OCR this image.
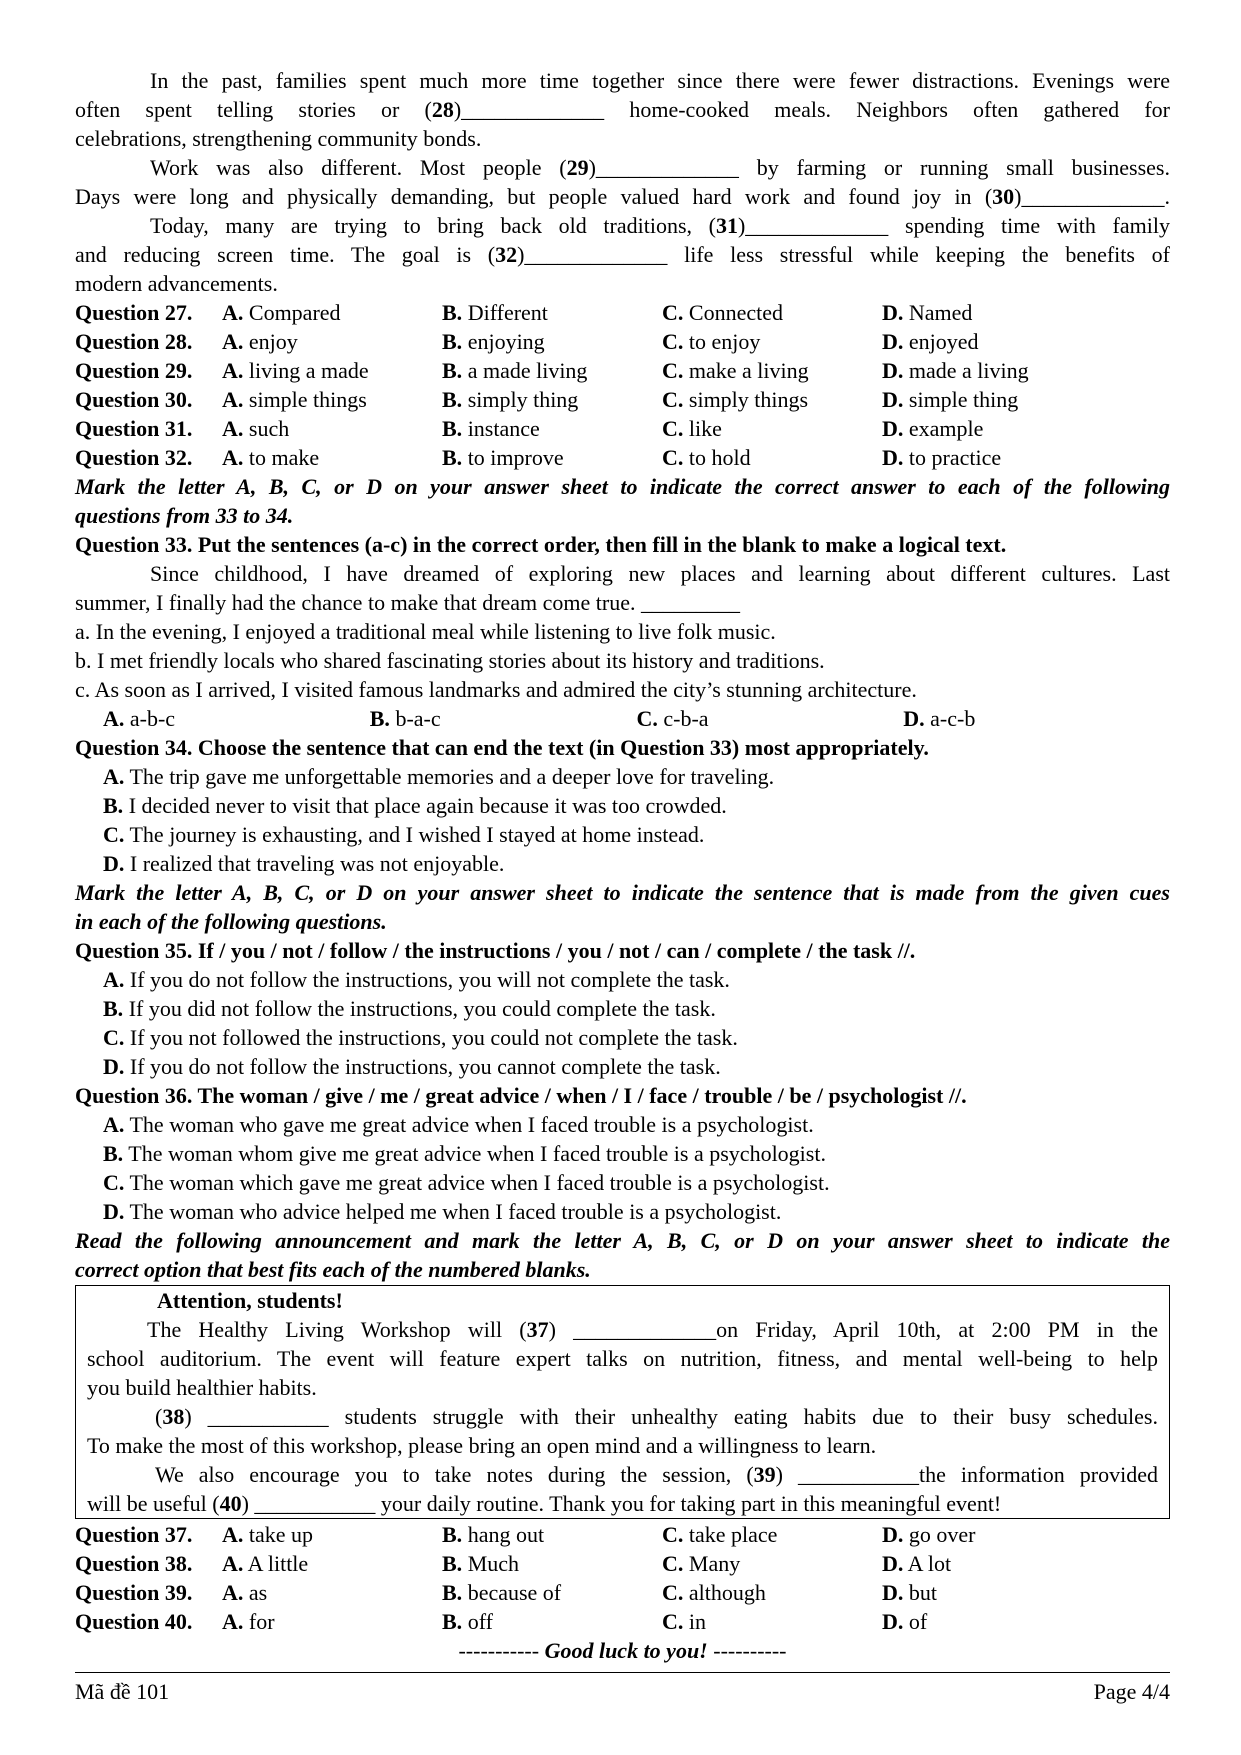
In the past, families spent much more time together since there were fewer distractions. Evenings were
often spent telling stories or (28)_____________ home-cooked meals. Neighbors often gathered for
celebrations, strengthening community bonds.
Work was also different. Most people (29)_____________ by farming or running small businesses.
Days were long and physically demanding, but people valued hard work and found joy in (30)_____________.
Today, many are trying to bring back old traditions, (31)_____________ spending time with family
and reducing screen time. The goal is (32)_____________ life less stressful while keeping the benefits of
modern advancements.
Question 27.	A. Compared	B. Different	C. Connected	D. Named
Question 28.	A. enjoy	B. enjoying	C. to enjoy	D. enjoyed
Question 29.	A. living a made	B. a made living	C. make a living	D. made a living
Question 30.	A. simple things	B. simply thing	C. simply things	D. simple thing
Question 31.	A. such	B. instance	C. like	D. example
Question 32.	A. to make	B. to improve	C. to hold	D. to practice
Mark the letter A, B, C, or D on your answer sheet to indicate the correct answer to each of the following
questions from 33 to 34.
Question 33. Put the sentences (a-c) in the correct order, then fill in the blank to make a logical text.
Since childhood, I have dreamed of exploring new places and learning about different cultures. Last
summer, I finally had the chance to make that dream come true. _________
a. In the evening, I enjoyed a traditional meal while listening to live folk music.
b. I met friendly locals who shared fascinating stories about its history and traditions.
c. As soon as I arrived, I visited famous landmarks and admired the city’s stunning architecture.
A. a-b-c	B. b-a-c	C. c-b-a	D. a-c-b
Question 34. Choose the sentence that can end the text (in Question 33) most appropriately.
A. The trip gave me unforgettable memories and a deeper love for traveling.
B. I decided never to visit that place again because it was too crowded.
C. The journey is exhausting, and I wished I stayed at home instead.
D. I realized that traveling was not enjoyable.
Mark the letter A, B, C, or D on your answer sheet to indicate the sentence that is made from the given cues
in each of the following questions.
Question 35. If / you / not / follow / the instructions / you / not / can / complete / the task //.
A. If you do not follow the instructions, you will not complete the task.
B. If you did not follow the instructions, you could complete the task.
C. If you not followed the instructions, you could not complete the task.
D. If you do not follow the instructions, you cannot complete the task.
Question 36. The woman / give / me / great advice / when / I / face / trouble / be / psychologist //.
A. The woman who gave me great advice when I faced trouble is a psychologist.
B. The woman whom give me great advice when I faced trouble is a psychologist.
C. The woman which gave me great advice when I faced trouble is a psychologist.
D. The woman who advice helped me when I faced trouble is a psychologist.
Read the following announcement and mark the letter A, B, C, or D on your answer sheet to indicate the
correct option that best fits each of the numbered blanks.
Attention, students!
The Healthy Living Workshop will (37) _____________on Friday, April 10th, at 2:00 PM in the
school auditorium. The event will feature expert talks on nutrition, fitness, and mental well-being to help
you build healthier habits.
(38) ___________ students struggle with their unhealthy eating habits due to their busy schedules.
To make the most of this workshop, please bring an open mind and a willingness to learn.
We also encourage you to take notes during the session, (39) ___________the information provided
will be useful (40) ___________ your daily routine. Thank you for taking part in this meaningful event!
Question 37.	A. take up	B. hang out	C. take place	D. go over
Question 38.	A. A little	B. Much	C. Many	D. A lot
Question 39.	A. as	B. because of	C. although	D. but
Question 40.	A. for	B. off	C. in	D. of
----------- Good luck to you! ----------
Mã đề 101	Page 4/4
